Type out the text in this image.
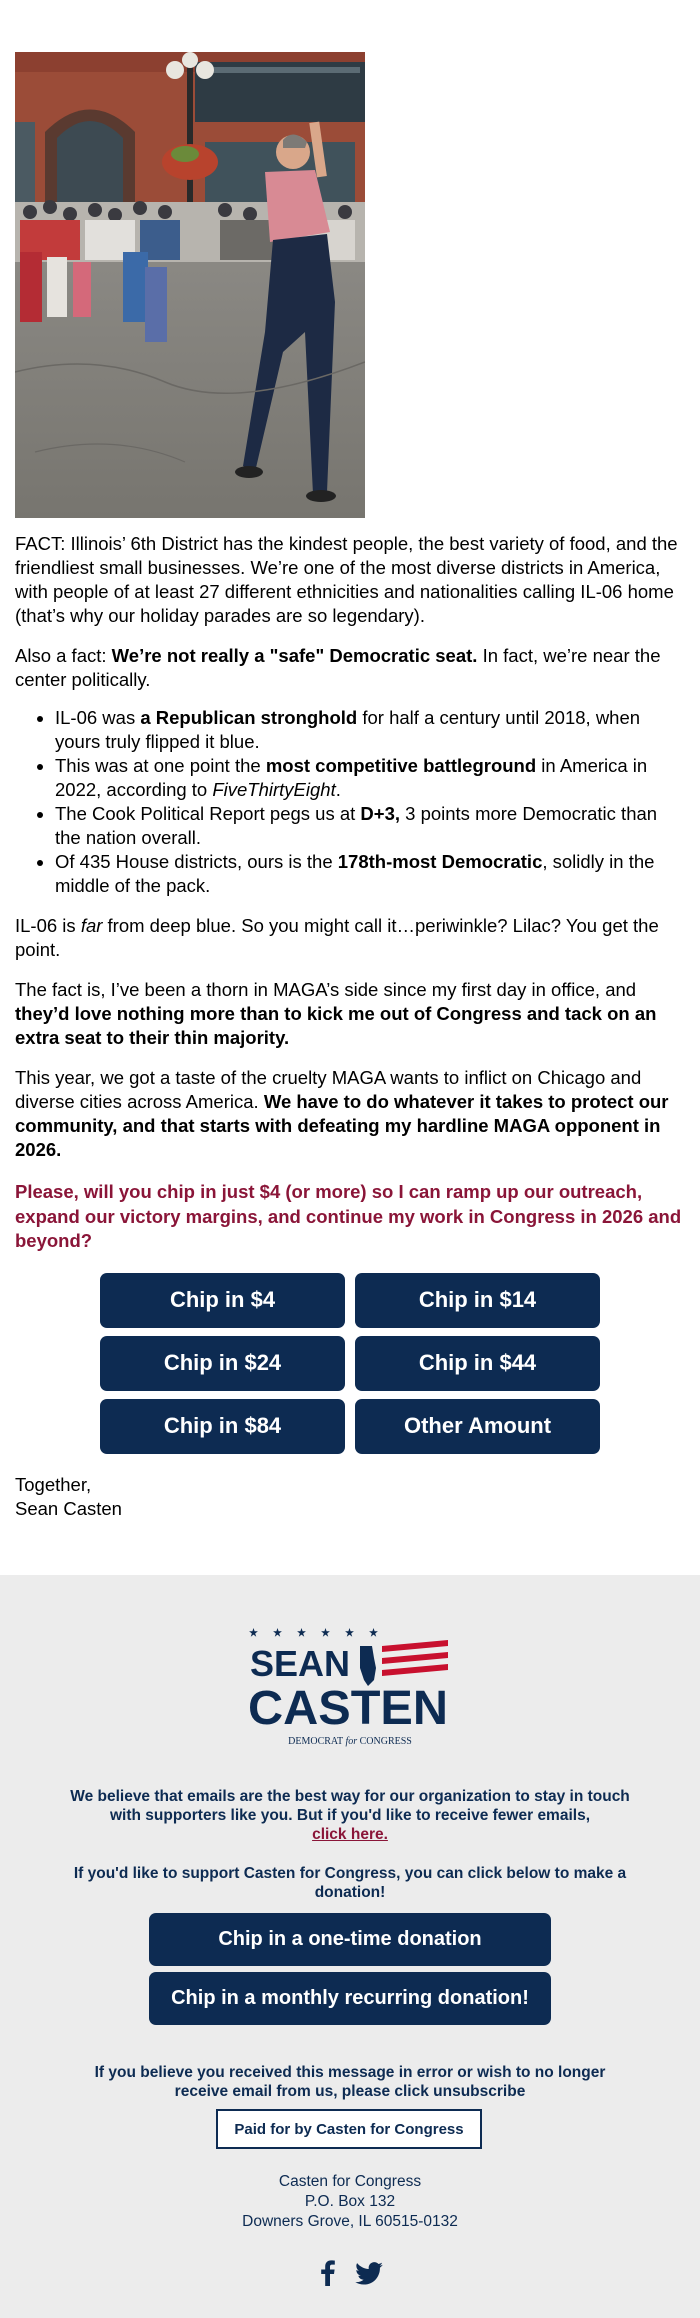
FACT: Illinois’ 6th District has the kindest people, the best variety of food, and the friendliest small businesses. We’re one of the most diverse districts in America, with people of at least 27 different ethnicities and nationalities calling IL-06 home (that’s why our holiday parades are so legendary).

Also a fact: We’re not really a "safe" Democratic seat. In fact, we’re near the center politically.

• IL-06 was a Republican stronghold for half a century until 2018, when yours truly flipped it blue.
• This was at one point the most competitive battleground in America in 2022, according to FiveThirtyEight.
• The Cook Political Report pegs us at D+3, 3 points more Democratic than the nation overall.
• Of 435 House districts, ours is the 178th-most Democratic, solidly in the middle of the pack.

IL-06 is far from deep blue. So you might call it…periwinkle? Lilac? You get the point.

The fact is, I’ve been a thorn in MAGA’s side since my first day in office, and they’d love nothing more than to kick me out of Congress and tack on an extra seat to their thin majority.

This year, we got a taste of the cruelty MAGA wants to inflict on Chicago and diverse cities across America. We have to do whatever it takes to protect our community, and that starts with defeating my hardline MAGA opponent in 2026.

Please, will you chip in just $4 (or more) so I can ramp up our outreach, expand our victory margins, and continue my work in Congress in 2026 and beyond?

Chip in $4	Chip in $14
Chip in $24	Chip in $44
Chip in $84	Other Amount
Together,
Sean Casten
SEAN
CASTEN
DEMOCRAT for CONGRESS
We believe that emails are the best way for our organization to stay in touch with supporters like you. But if you'd like to receive fewer emails,
click here.
If you'd like to support Casten for Congress, you can click below to make a donation!
Chip in a one-time donation
Chip in a monthly recurring donation!
If you believe you received this message in error or wish to no longer receive email from us, please click unsubscribe
Paid for by Casten for Congress
Casten for Congress
P.O. Box 132
Downers Grove, IL 60515-0132
